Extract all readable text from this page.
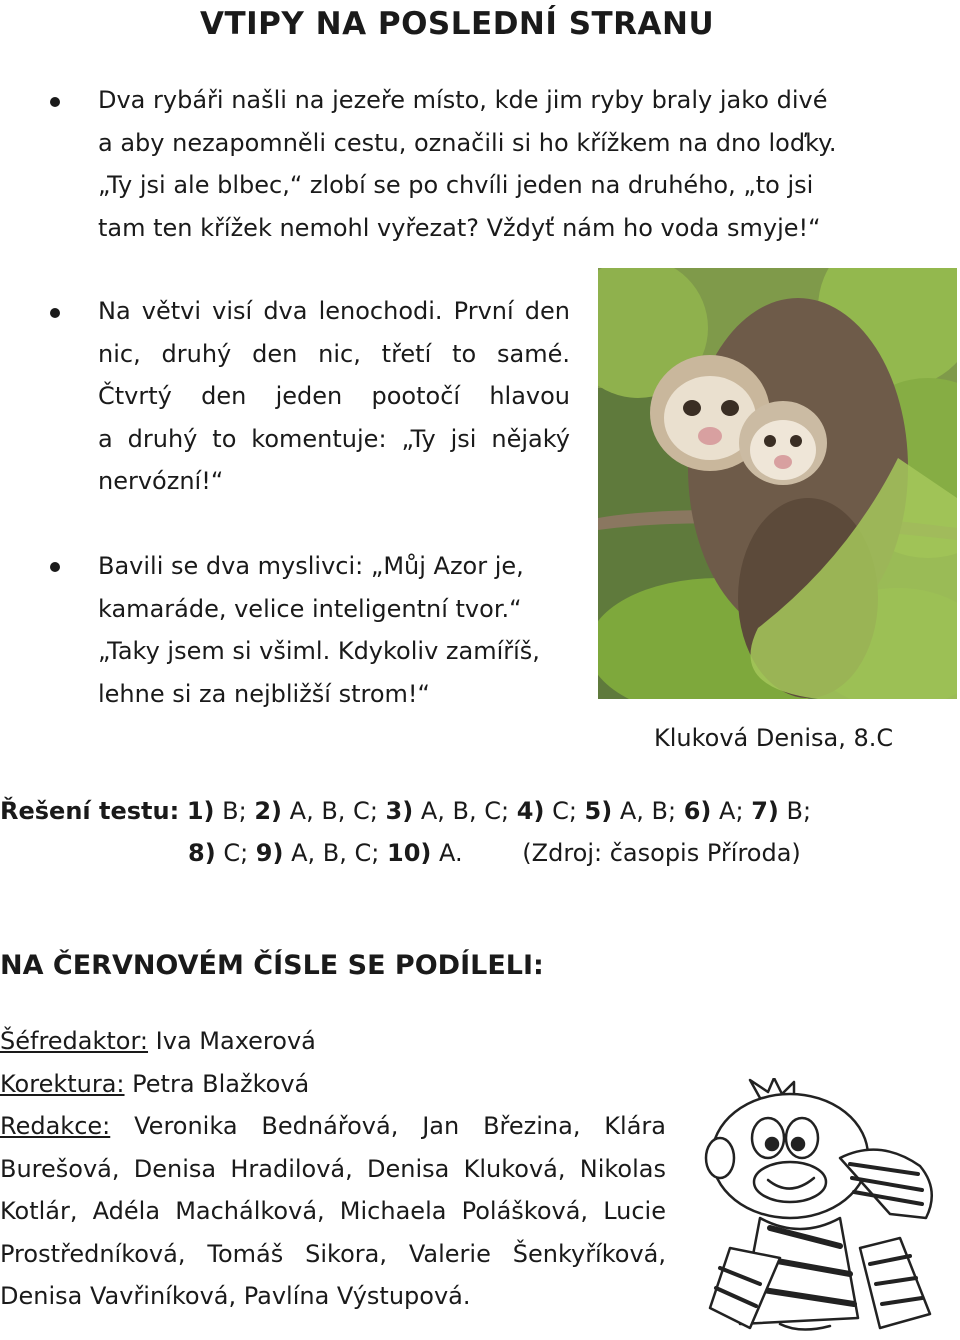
VTIPY NA POSLEDNÍ STRANU
Dva rybáři našli na jezeře místo, kde jim ryby braly jako divé
a aby nezapomněli cestu, označili si ho křížkem na dno loďky.
„Ty jsi ale blbec,“ zlobí se po chvíli jeden na druhého, „to jsi
tam ten křížek nemohl vyřezat? Vždyť nám ho voda smyje!“
Na větvi visí dva lenochodi. První den
nic, druhý den nic, třetí to samé.
Čtvrtý den jeden pootočí hlavou
a druhý to komentuje: „Ty jsi nějaký
nervózní!“
Bavili se dva myslivci: „Můj Azor je,
kamaráde, velice inteligentní tvor.“
„Taky jsem si všiml. Kdykoliv zamíříš,
lehne si za nejbližší strom!“
Kluková Denisa, 8.C
Řešení testu: 1) B; 2) A, B, C; 3) A, B, C; 4) C; 5) A, B; 6) A; 7) B;
8) C; 9) A, B, C; 10) A. (Zdroj: časopis Příroda)
NA ČERVNOVÉM ČÍSLE SE PODÍLELI:
Šéfredaktor: Iva Maxerová
Korektura: Petra Blažková
Redakce: Veronika Bednářová, Jan Březina, Klára
Burešová, Denisa Hradilová, Denisa Kluková, Nikolas
Kotlár, Adéla Machálková, Michaela Polášková, Lucie
Prostředníková, Tomáš Sikora, Valerie Šenkyříková,
Denisa Vavřiníková, Pavlína Výstupová.
